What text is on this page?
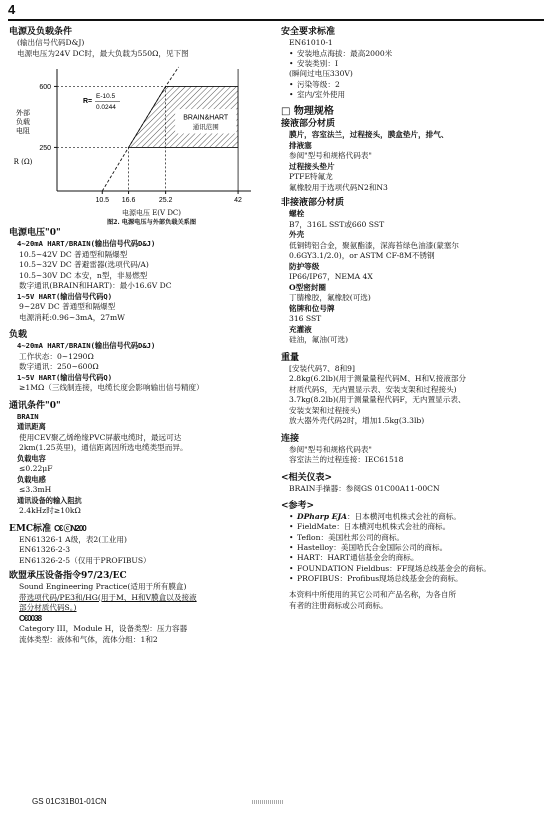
4
电源及负载条件
(输出信号代码D&J)
电源电压为24V DC时，最大负载为550Ω，见下图
外部
负载
电阻
R (Ω)
BRAIN&HART
通讯范围
250
600
10.5 16.6	25.2	42
R=
E-10.5
0.0244
电源电压 E(V DC)
图2. 电源电压与外部负载关系图
电源电压"0"
4~20mA HART/BRAIN(输出信号代码D&J)
10.5~42V DC 普通型和隔爆型
10.5~32V DC 普避雷器(选项代码/A)
10.5~30V DC 本安，n型，非易燃型
数字通讯(BRAIN和HART)：最小16.6V DC
1~5V HART(输出信号代码Q)
9~28V DC 普通型和隔爆型
电源消耗:0.96~3mA，27mW
负载
4~20mA HART/BRAIN(输出信号代码D&J)
工作状态：0~1290Ω
数字通讯：250~600Ω
1~5V HART(输出信号代码Q)
≥1MΩ（三线制连接，电缆长度会影响输出信号精度）
通讯条件"0"
BRAIN
通讯距离
使用CEV聚乙烯绝缘PVC屏蔽电缆时，最远可达
2km(1.25英里)，通信距离因所选电缆类型而异。
负载电容
≤0.22μF
负载电感
≤3.3mH
通讯设备的输入阻抗
2.4kHz时≥10kΩ
EMC标准 C€ ⓒN200
EN61326-1 A级，表2(工业用)
EN61326-2-3
EN61326-2-5（仅用于PROFIBUS）
欧盟承压设备指令97/23/EC
Sound Engineering Practice(适用于所有膜盒)
带选项代码/PE3和/HG(用于M、H和V膜盒以及接液
部分材质代码S。)
C€0038
Category III，Module H，设备类型：压力容器
流体类型：液体和气体，流体分组：1和2
安全要求标准
EN61010-1
• 安装地点海拔：最高2000米
• 安装类别：I
(瞬间过电压330V)
• 污染等级：2
• 室内/室外使用
□ 物理规格
接液部分材质
膜片，容室法兰，过程接头，膜盒垫片，排气、
排液塞
参阅"型号和规格代码表"
过程接头垫片
PTFE特氟龙
氟橡胶用于选项代码N2和N3
非接液部分材质
螺栓
B7，316L SST或660 SST
外壳
低铜铸铝合金，聚氨酯漆，深海苔绿色油漆(蒙塞尔
0.6GY3.1/2.0)，or ASTM CF-8M不锈钢
防护等级
IP66/IP67，NEMA 4X
O型密封圈
丁腈橡胶，氟橡胶(可选)
铭牌和位号牌
316 SST
充灌液
硅油，氟油(可选)
重量
[安装代码7、8和9]
2.8kg(6.2lb)(用于测量量程代码M、H和V,接液部分
材质代码S，无内置显示表、安装支架和过程接头)
3.7kg(8.2lb)(用于测量量程代码F，无内置显示表、
安装支架和过程接头)
放大器外壳代码2时，增加1.5kg(3.3lb)
连接
参阅"型号和规格代码表"
容室法兰的过程连接：IEC61518
<相关仪表>
BRAIN手操器：参阅GS 01C00A11-00CN
<参考>
• DPharp EJA：日本横河电机株式会社的商标。
• FieldMate：日本横河电机株式会社的商标。
• Teflon：美国杜邦公司的商标。
• Hastelloy：美国哈氏合金国际公司的商标。
• HART：HART通信基金会的商标。
• FOUNDATION Fieldbus：FF现场总线基金会的商标。
• PROFIBUS：Profibus现场总线基金会的商标。
本资料中所使用的其它公司和产品名称，为各自所
有者的注册商标或公司商标。
GS 01C31B01-01CN
